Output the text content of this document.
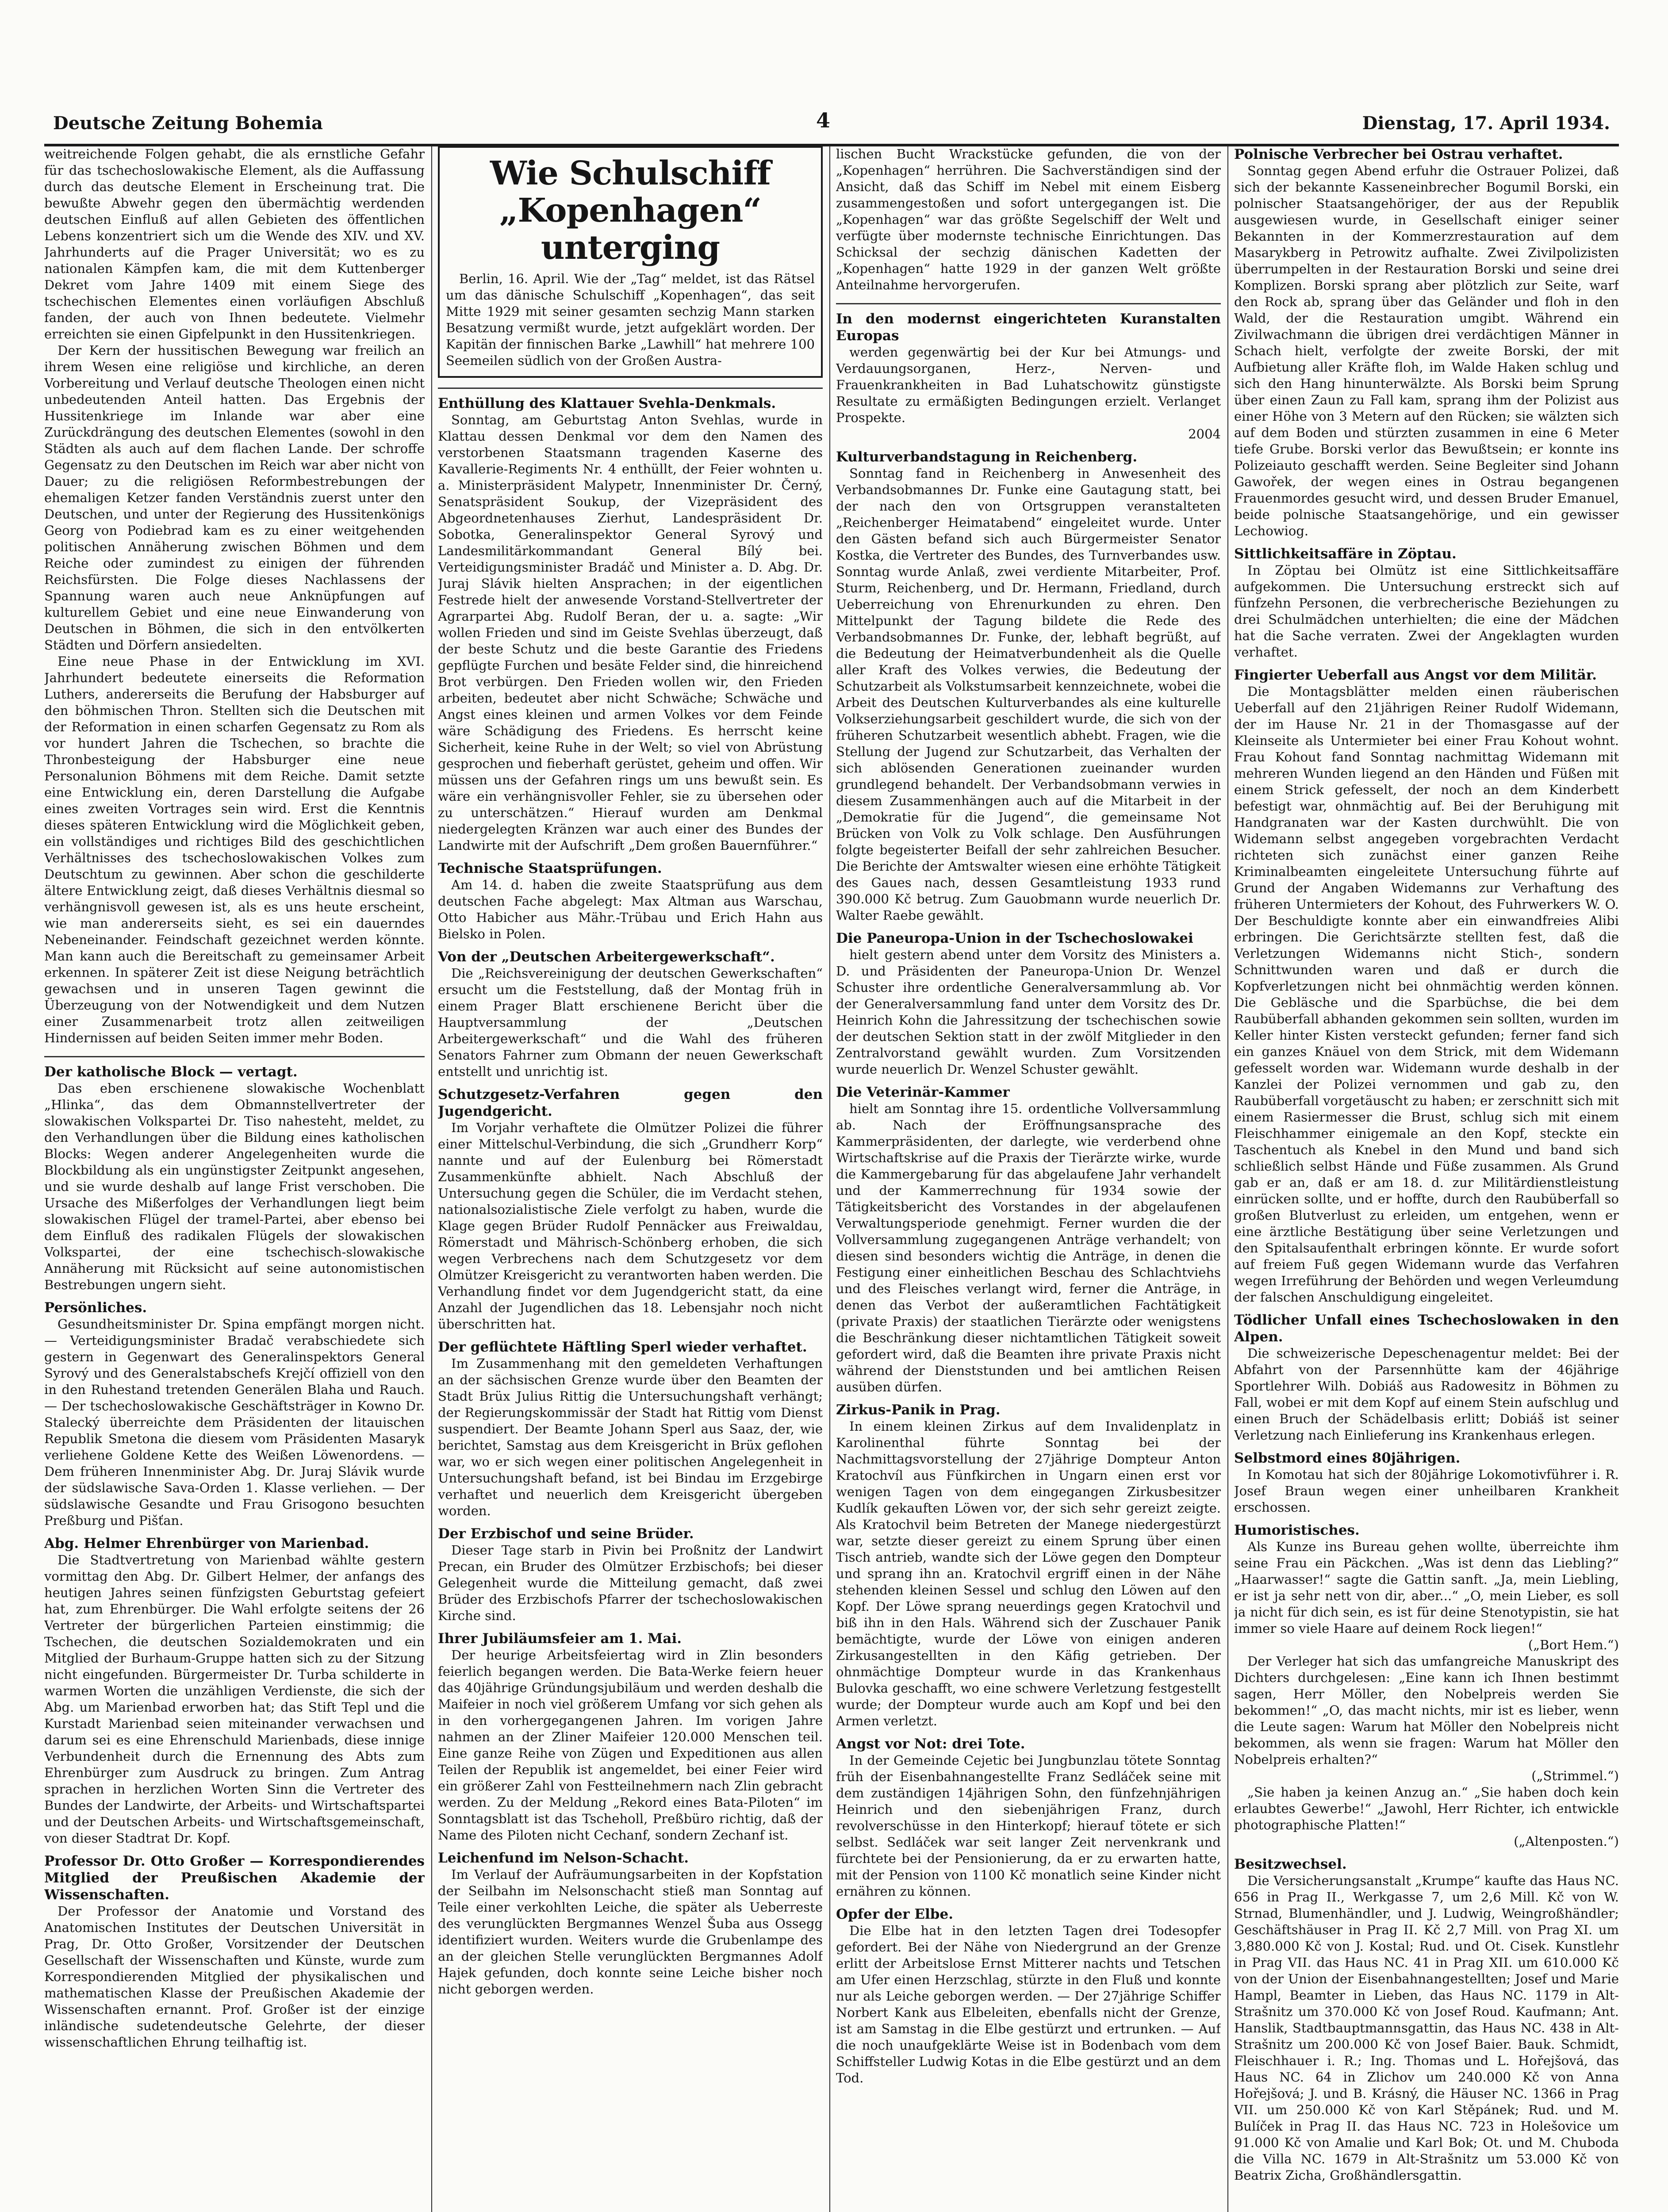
Deutsche Zeitung Bohemia	4	Dienstag, 17. April 1934.

weitreichende Folgen gehabt, die als ernstliche Gefahr für das tschechoslowakische Element, als die Auffassung durch das deutsche Element in Erscheinung trat. Die bewußte Abwehr gegen den übermächtig werdenden deutschen Einfluß auf allen Gebieten des öffentlichen Lebens konzentriert sich um die Wende des XIV. und XV. Jahrhunderts auf die Prager Universität; wo es zu nationalen Kämpfen kam, die mit dem Kuttenberger Dekret vom Jahre 1409 mit einem Siege des tschechischen Elementes einen vorläufigen Abschluß fanden, der auch von Ihnen bedeutete. Vielmehr erreichten sie einen Gipfelpunkt in den Hussitenkriegen.

Der Kern der hussitischen Bewegung war freilich an ihrem Wesen eine religiöse und kirchliche, an deren Vorbereitung und Verlauf deutsche Theologen einen nicht unbedeutenden Anteil hatten. Das Ergebnis der Hussitenkriege im Inlande war aber eine Zurückdrängung des deutschen Elementes (sowohl in den Städten als auch auf dem flachen Lande. Der schroffe Gegensatz zu den Deutschen im Reich war aber nicht von Dauer; zu die religiösen Reformbestrebungen der ehemaligen Ketzer fanden Verständnis zuerst unter den Deutschen, und unter der Regierung des Hussitenkönigs Georg von Podiebrad kam es zu einer weitgehenden politischen Annäherung zwischen Böhmen und dem Reiche oder zumindest zu einigen der führenden Reichsfürsten. Die Folge dieses Nachlassens der Spannung waren auch neue Anknüpfungen auf kulturellem Gebiet und eine neue Einwanderung von Deutschen in Böhmen, die sich in den entvölkerten Städten und Dörfern ansiedelten.

Eine neue Phase in der Entwicklung im XVI. Jahrhundert bedeutete einerseits die Reformation Luthers, andererseits die Berufung der Habsburger auf den böhmischen Thron. Stellten sich die Deutschen mit der Reformation in einen scharfen Gegensatz zu Rom als vor hundert Jahren die Tschechen, so brachte die Thronbesteigung der Habsburger eine neue Personalunion Böhmens mit dem Reiche. Damit setzte eine Entwicklung ein, deren Darstellung die Aufgabe eines zweiten Vortrages sein wird. Erst die Kenntnis dieses späteren Entwicklung wird die Möglichkeit geben, ein vollständiges und richtiges Bild des geschichtlichen Verhältnisses des tschechoslowakischen Volkes zum Deutschtum zu gewinnen. Aber schon die geschilderte ältere Entwicklung zeigt, daß dieses Verhältnis diesmal so verhängnisvoll gewesen ist, als es uns heute erscheint, wie man andererseits sieht, es sei ein dauerndes Nebeneinander. Feindschaft gezeichnet werden könnte. Man kann auch die Bereitschaft zu gemeinsamer Arbeit erkennen. In späterer Zeit ist diese Neigung beträchtlich gewachsen und in unseren Tagen gewinnt die Überzeugung von der Notwendigkeit und dem Nutzen einer Zusammenarbeit trotz allen zeitweiligen Hindernissen auf beiden Seiten immer mehr Boden.

Der katholische Block — vertagt.

Das eben erschienene slowakische Wochenblatt „Hlinka“, das dem Obmannstellvertreter der slowakischen Volkspartei Dr. Tiso nahesteht, meldet, zu den Verhandlungen über die Bildung eines katholischen Blocks: Wegen anderer Angelegenheiten wurde die Blockbildung als ein ungünstigster Zeitpunkt angesehen, und sie wurde deshalb auf lange Frist verschoben. Die Ursache des Mißerfolges der Verhandlungen liegt beim slowakischen Flügel der tramel-Partei, aber ebenso bei dem Einfluß des radikalen Flügels der slowakischen Volkspartei, der eine tschechisch-slowakische Annäherung mit Rücksicht auf seine autonomistischen Bestrebungen ungern sieht.

Persönliches.

Gesundheitsminister Dr. Spina empfängt morgen nicht. — Verteidigungsminister Bradač verabschiedete sich gestern in Gegenwart des Generalinspektors General Syrový und des Generalstabschefs Krejčí offiziell von den in den Ruhestand tretenden Generälen Blaha und Rauch. — Der tschechoslowakische Geschäftsträger in Kowno Dr. Stalecký überreichte dem Präsidenten der litauischen Republik Smetona die diesem vom Präsidenten Masaryk verliehene Goldene Kette des Weißen Löwenordens. — Dem früheren Innenminister Abg. Dr. Juraj Slávik wurde der südslawische Sava-Orden 1. Klasse verliehen. — Der südslawische Gesandte und Frau Grisogono besuchten Preßburg und Pišťan.

Abg. Helmer Ehrenbürger von Marienbad.

Die Stadtvertretung von Marienbad wählte gestern vormittag den Abg. Dr. Gilbert Helmer, der anfangs des heutigen Jahres seinen fünfzigsten Geburtstag gefeiert hat, zum Ehrenbürger. Die Wahl erfolgte seitens der 26 Vertreter der bürgerlichen Parteien einstimmig; die Tschechen, die deutschen Sozialdemokraten und ein Mitglied der Burhaum-Gruppe hatten sich zu der Sitzung nicht eingefunden. Bürgermeister Dr. Turba schilderte in warmen Worten die unzähligen Verdienste, die sich der Abg. um Marienbad erworben hat; das Stift Tepl und die Kurstadt Marienbad seien miteinander verwachsen und darum sei es eine Ehrenschuld Marienbads, diese innige Verbundenheit durch die Ernennung des Abts zum Ehrenbürger zum Ausdruck zu bringen. Zum Antrag sprachen in herzlichen Worten Sinn die Vertreter des Bundes der Landwirte, der Arbeits- und Wirtschaftspartei und der Deutschen Arbeits- und Wirtschaftsgemeinschaft, von dieser Stadtrat Dr. Kopf.

Professor Dr. Otto Großer — Korrespondierendes Mitglied der Preußischen Akademie der Wissenschaften.

Der Professor der Anatomie und Vorstand des Anatomischen Institutes der Deutschen Universität in Prag, Dr. Otto Großer, Vorsitzender der Deutschen Gesellschaft der Wissenschaften und Künste, wurde zum Korrespondierenden Mitglied der physikalischen und mathematischen Klasse der Preußischen Akademie der Wissenschaften ernannt. Prof. Großer ist der einzige inländische sudetendeutsche Gelehrte, der dieser wissenschaftlichen Ehrung teilhaftig ist.

Wie Schulschiff „Kopenhagen“ unterging

Berlin, 16. April. Wie der „Tag“ meldet, ist das Rätsel um das dänische Schulschiff „Kopenhagen“, das seit Mitte 1929 mit seiner gesamten sechzig Mann starken Besatzung vermißt wurde, jetzt aufgeklärt worden. Der Kapitän der finnischen Barke „Lawhill“ hat mehrere 100 Seemeilen südlich von der Großen Austra-

Enthüllung des Klattauer Svehla-Denkmals.

Sonntag, am Geburtstag Anton Svehlas, wurde in Klattau dessen Denkmal vor dem den Namen des verstorbenen Staatsmann tragenden Kaserne des Kavallerie-Regiments Nr. 4 enthüllt, der Feier wohnten u. a. Ministerpräsident Malypetr, Innenminister Dr. Černý, Senatspräsident Soukup, der Vizepräsident des Abgeordnetenhauses Zierhut, Landespräsident Dr. Sobotka, Generalinspektor General Syrový und Landesmilitärkommandant General Bílý bei. Verteidigungsminister Bradáč und Minister a. D. Abg. Dr. Juraj Slávik hielten Ansprachen; in der eigentlichen Festrede hielt der anwesende Vorstand-Stellvertreter der Agrarpartei Abg. Rudolf Beran, der u. a. sagte: „Wir wollen Frieden und sind im Geiste Svehlas überzeugt, daß der beste Schutz und die beste Garantie des Friedens gepflügte Furchen und besäte Felder sind, die hinreichend Brot verbürgen. Den Frieden wollen wir, den Frieden arbeiten, bedeutet aber nicht Schwäche; Schwäche und Angst eines kleinen und armen Volkes vor dem Feinde wäre Schädigung des Friedens. Es herrscht keine Sicherheit, keine Ruhe in der Welt; so viel von Abrüstung gesprochen und fieberhaft gerüstet, geheim und offen. Wir müssen uns der Gefahren rings um uns bewußt sein. Es wäre ein verhängnisvoller Fehler, sie zu übersehen oder zu unterschätzen.“ Hierauf wurden am Denkmal niedergelegten Kränzen war auch einer des Bundes der Landwirte mit der Aufschrift „Dem großen Bauernführer.“

Technische Staatsprüfungen.

Am 14. d. haben die zweite Staatsprüfung aus dem deutschen Fache abgelegt: Max Altman aus Warschau, Otto Habicher aus Mähr.-Trübau und Erich Hahn aus Bielsko in Polen.

Von der „Deutschen Arbeitergewerkschaft“.

Die „Reichsvereinigung der deutschen Gewerkschaften“ ersucht um die Feststellung, daß der Montag früh in einem Prager Blatt erschienene Bericht über die Hauptversammlung der „Deutschen Arbeitergewerkschaft“ und die Wahl des früheren Senators Fahrner zum Obmann der neuen Gewerkschaft entstellt und unrichtig ist.

Schutzgesetz-Verfahren gegen den Jugendgericht.

Im Vorjahr verhaftete die Olmützer Polizei die führer einer Mittelschul-Verbindung, die sich „Grundherr Korp“ nannte und auf der Eulenburg bei Römerstadt Zusammenkünfte abhielt. Nach Abschluß der Untersuchung gegen die Schüler, die im Verdacht stehen, nationalsozialistische Ziele verfolgt zu haben, wurde die Klage gegen Brüder Rudolf Pennäcker aus Freiwaldau, Römerstadt und Mährisch-Schönberg erhoben, die sich wegen Verbrechens nach dem Schutzgesetz vor dem Olmützer Kreisgericht zu verantworten haben werden. Die Verhandlung findet vor dem Jugendgericht statt, da eine Anzahl der Jugendlichen das 18. Lebensjahr noch nicht überschritten hat.

Der geflüchtete Häftling Sperl wieder verhaftet.

Im Zusammenhang mit den gemeldeten Verhaftungen an der sächsischen Grenze wurde über den Beamten der Stadt Brüx Julius Rittig die Untersuchungshaft verhängt; der Regierungskommissär der Stadt hat Rittig vom Dienst suspendiert. Der Beamte Johann Sperl aus Saaz, der, wie berichtet, Samstag aus dem Kreisgericht in Brüx geflohen war, wo er sich wegen einer politischen Angelegenheit in Untersuchungshaft befand, ist bei Bindau im Erzgebirge verhaftet und neuerlich dem Kreisgericht übergeben worden.

Der Erzbischof und seine Brüder.

Dieser Tage starb in Pivin bei Proßnitz der Landwirt Precan, ein Bruder des Olmützer Erzbischofs; bei dieser Gelegenheit wurde die Mitteilung gemacht, daß zwei Brüder des Erzbischofs Pfarrer der tschechoslowakischen Kirche sind.

Ihrer Jubiläumsfeier am 1. Mai.

Der heurige Arbeitsfeiertag wird in Zlin besonders feierlich begangen werden. Die Bata-Werke feiern heuer das 40jährige Gründungsjubiläum und werden deshalb die Maifeier in noch viel größerem Umfang vor sich gehen als in den vorhergegangenen Jahren. Im vorigen Jahre nahmen an der Zliner Maifeier 120.000 Menschen teil. Eine ganze Reihe von Zügen und Expeditionen aus allen Teilen der Republik ist angemeldet, bei einer Feier wird ein größerer Zahl von Festteilnehmern nach Zlin gebracht werden. Zu der Meldung „Rekord eines Bata-Piloten“ im Sonntagsblatt ist das Tscheholl, Preßbüro richtig, daß der Name des Piloten nicht Cechanf, sondern Zechanf ist.

Leichenfund im Nelson-Schacht.

Im Verlauf der Aufräumungsarbeiten in der Kopfstation der Seilbahn im Nelsonschacht stieß man Sonntag auf Teile einer verkohlten Leiche, die später als Ueberreste des verunglückten Bergmannes Wenzel Šuba aus Ossegg identifiziert wurden. Weiters wurde die Grubenlampe des an der gleichen Stelle verunglückten Bergmannes Adolf Hajek gefunden, doch konnte seine Leiche bisher noch nicht geborgen werden.

lischen Bucht Wrackstücke gefunden, die von der „Kopenhagen“ herrühren. Die Sachverständigen sind der Ansicht, daß das Schiff im Nebel mit einem Eisberg zusammengestoßen und sofort untergegangen ist. Die „Kopenhagen“ war das größte Segelschiff der Welt und verfügte über modernste technische Einrichtungen. Das Schicksal der sechzig dänischen Kadetten der „Kopenhagen“ hatte 1929 in der ganzen Welt größte Anteilnahme hervorgerufen.

In den modernst eingerichteten Kuranstalten Europas

werden gegenwärtig bei der Kur bei Atmungs- und Verdauungsorganen, Herz-, Nerven- und Frauenkrankheiten in Bad Luhatschowitz günstigste Resultate zu ermäßigten Bedingungen erzielt. Verlanget Prospekte.

2004
Kulturverbandstagung in Reichenberg.

Sonntag fand in Reichenberg in Anwesenheit des Verbandsobmannes Dr. Funke eine Gautagung statt, bei der nach den von Ortsgruppen veranstalteten „Reichenberger Heimatabend“ eingeleitet wurde. Unter den Gästen befand sich auch Bürgermeister Senator Kostka, die Vertreter des Bundes, des Turnverbandes usw. Sonntag wurde Anlaß, zwei verdiente Mitarbeiter, Prof. Sturm, Reichenberg, und Dr. Hermann, Friedland, durch Ueberreichung von Ehrenurkunden zu ehren. Den Mittelpunkt der Tagung bildete die Rede des Verbandsobmannes Dr. Funke, der, lebhaft begrüßt, auf die Bedeutung der Heimatverbundenheit als die Quelle aller Kraft des Volkes verwies, die Bedeutung der Schutzarbeit als Volkstumsarbeit kennzeichnete, wobei die Arbeit des Deutschen Kulturverbandes als eine kulturelle Volkserziehungsarbeit geschildert wurde, die sich von der früheren Schutzarbeit wesentlich abhebt. Fragen, wie die Stellung der Jugend zur Schutzarbeit, das Verhalten der sich ablösenden Generationen zueinander wurden grundlegend behandelt. Der Verbandsobmann verwies in diesem Zusammenhängen auch auf die Mitarbeit in der „Demokratie für die Jugend“, die gemeinsame Not Brücken von Volk zu Volk schlage. Den Ausführungen folgte begeisterter Beifall der sehr zahlreichen Besucher. Die Berichte der Amtswalter wiesen eine erhöhte Tätigkeit des Gaues nach, dessen Gesamtleistung 1933 rund 390.000 Kč betrug. Zum Gauobmann wurde neuerlich Dr. Walter Raebe gewählt.

Die Paneuropa-Union in der Tschechoslowakei

hielt gestern abend unter dem Vorsitz des Ministers a. D. und Präsidenten der Paneuropa-Union Dr. Wenzel Schuster ihre ordentliche Generalversammlung ab. Vor der Generalversammlung fand unter dem Vorsitz des Dr. Heinrich Kohn die Jahressitzung der tschechischen sowie der deutschen Sektion statt in der zwölf Mitglieder in den Zentralvorstand gewählt wurden. Zum Vorsitzenden wurde neuerlich Dr. Wenzel Schuster gewählt.

Die Veterinär-Kammer

hielt am Sonntag ihre 15. ordentliche Vollversammlung ab. Nach der Eröffnungsansprache des Kammerpräsidenten, der darlegte, wie verderbend ohne Wirtschaftskrise auf die Praxis der Tierärzte wirke, wurde die Kammergebarung für das abgelaufene Jahr verhandelt und der Kammerrechnung für 1934 sowie der Tätigkeitsbericht des Vorstandes in der abgelaufenen Verwaltungsperiode genehmigt. Ferner wurden die der Vollversammlung zugegangenen Anträge verhandelt; von diesen sind besonders wichtig die Anträge, in denen die Festigung einer einheitlichen Beschau des Schlachtviehs und des Fleisches verlangt wird, ferner die Anträge, in denen das Verbot der außeramtlichen Fachtätigkeit (private Praxis) der staatlichen Tierärzte oder wenigstens die Beschränkung dieser nichtamtlichen Tätigkeit soweit gefordert wird, daß die Beamten ihre private Praxis nicht während der Dienststunden und bei amtlichen Reisen ausüben dürfen.

Zirkus-Panik in Prag.

In einem kleinen Zirkus auf dem Invalidenplatz in Karolinenthal führte Sonntag bei der Nachmittagsvorstellung der 27jährige Dompteur Anton Kratochvíl aus Fünfkirchen in Ungarn einen erst vor wenigen Tagen von dem eingegangen Zirkusbesitzer Kudlík gekauften Löwen vor, der sich sehr gereizt zeigte. Als Kratochvil beim Betreten der Manege niedergestürzt war, setzte dieser gereizt zu einem Sprung über einen Tisch antrieb, wandte sich der Löwe gegen den Dompteur und sprang ihn an. Kratochvil ergriff einen in der Nähe stehenden kleinen Sessel und schlug den Löwen auf den Kopf. Der Löwe sprang neuerdings gegen Kratochvil und biß ihn in den Hals. Während sich der Zuschauer Panik bemächtigte, wurde der Löwe von einigen anderen Zirkusangestellten in den Käfig getrieben. Der ohnmächtige Dompteur wurde in das Krankenhaus Bulovka geschafft, wo eine schwere Verletzung festgestellt wurde; der Dompteur wurde auch am Kopf und bei den Armen verletzt.

Angst vor Not: drei Tote.

In der Gemeinde Cejetic bei Jungbunzlau tötete Sonntag früh der Eisenbahnangestellte Franz Sedláček seine mit dem zuständigen 14jährigen Sohn, den fünfzehnjährigen Heinrich und den siebenjährigen Franz, durch revolverschüsse in den Hinterkopf; hierauf tötete er sich selbst. Sedláček war seit langer Zeit nervenkrank und fürchtete bei der Pensionierung, da er zu erwarten hatte, mit der Pension von 1100 Kč monatlich seine Kinder nicht ernähren zu können.

Opfer der Elbe.

Die Elbe hat in den letzten Tagen drei Todesopfer gefordert. Bei der Nähe von Niedergrund an der Grenze erlitt der Arbeitslose Ernst Mitterer nachts und Tetschen am Ufer einen Herzschlag, stürzte in den Fluß und konnte nur als Leiche geborgen werden. — Der 27jährige Schiffer Norbert Kank aus Elbeleiten, ebenfalls nicht der Grenze, ist am Samstag in die Elbe gestürzt und ertrunken. — Auf die noch unaufgeklärte Weise ist in Bodenbach vom dem Schiffsteller Ludwig Kotas in die Elbe gestürzt und an dem Tod.

Polnische Verbrecher bei Ostrau verhaftet.

Sonntag gegen Abend erfuhr die Ostrauer Polizei, daß sich der bekannte Kasseneinbrecher Bogumil Borski, ein polnischer Staatsangehöriger, der aus der Republik ausgewiesen wurde, in Gesellschaft einiger seiner Bekannten in der Kommerzrestauration auf dem Masarykberg in Petrowitz aufhalte. Zwei Zivilpolizisten überrumpelten in der Restauration Borski und seine drei Komplizen. Borski sprang aber plötzlich zur Seite, warf den Rock ab, sprang über das Geländer und floh in den Wald, der die Restauration umgibt. Während ein Zivilwachmann die übrigen drei verdächtigen Männer in Schach hielt, verfolgte der zweite Borski, der mit Aufbietung aller Kräfte floh, im Walde Haken schlug und sich den Hang hinunterwälzte. Als Borski beim Sprung über einen Zaun zu Fall kam, sprang ihm der Polizist aus einer Höhe von 3 Metern auf den Rücken; sie wälzten sich auf dem Boden und stürzten zusammen in eine 6 Meter tiefe Grube. Borski verlor das Bewußtsein; er konnte ins Polizeiauto geschafft werden. Seine Begleiter sind Johann Gawořek, der wegen eines in Ostrau begangenen Frauenmordes gesucht wird, und dessen Bruder Emanuel, beide polnische Staatsangehörige, und ein gewisser Lechowiog.

Sittlichkeitsaffäre in Zöptau.

In Zöptau bei Olmütz ist eine Sittlichkeitsaffäre aufgekommen. Die Untersuchung erstreckt sich auf fünfzehn Personen, die verbrecherische Beziehungen zu drei Schulmädchen unterhielten; die eine der Mädchen hat die Sache verraten. Zwei der Angeklagten wurden verhaftet.

Fingierter Ueberfall aus Angst vor dem Militär.

Die Montagsblätter melden einen räuberischen Ueberfall auf den 21jährigen Reiner Rudolf Widemann, der im Hause Nr. 21 in der Thomasgasse auf der Kleinseite als Untermieter bei einer Frau Kohout wohnt. Frau Kohout fand Sonntag nachmittag Widemann mit mehreren Wunden liegend an den Händen und Füßen mit einem Strick gefesselt, der noch an dem Kinderbett befestigt war, ohnmächtig auf. Bei der Beruhigung mit Handgranaten war der Kasten durchwühlt. Die von Widemann selbst angegeben vorgebrachten Verdacht richteten sich zunächst einer ganzen Reihe Kriminalbeamten eingeleitete Untersuchung führte auf Grund der Angaben Widemanns zur Verhaftung des früheren Untermieters der Kohout, des Fuhrwerkers W. O. Der Beschuldigte konnte aber ein einwandfreies Alibi erbringen. Die Gerichtsärzte stellten fest, daß die Verletzungen Widemanns nicht Stich-, sondern Schnittwunden waren und daß er durch die Kopfverletzungen nicht bei ohnmächtig werden können. Die Gebläsche und die Sparbüchse, die bei dem Raubüberfall abhanden gekommen sein sollten, wurden im Keller hinter Kisten versteckt gefunden; ferner fand sich ein ganzes Knäuel von dem Strick, mit dem Widemann gefesselt worden war. Widemann wurde deshalb in der Kanzlei der Polizei vernommen und gab zu, den Raubüberfall vorgetäuscht zu haben; er zerschnitt sich mit einem Rasiermesser die Brust, schlug sich mit einem Fleischhammer einigemale an den Kopf, steckte ein Taschentuch als Knebel in den Mund und band sich schließlich selbst Hände und Füße zusammen. Als Grund gab er an, daß er am 18. d. zur Militärdienstleistung einrücken sollte, und er hoffte, durch den Raubüberfall so großen Blutverlust zu erleiden, um entgehen, wenn er eine ärztliche Bestätigung über seine Verletzungen und den Spitalsaufenthalt erbringen könnte. Er wurde sofort auf freiem Fuß gegen Widemann wurde das Verfahren wegen Irreführung der Behörden und wegen Verleumdung der falschen Anschuldigung eingeleitet.

Tödlicher Unfall eines Tschechoslowaken in den Alpen.

Die schweizerische Depeschenagentur meldet: Bei der Abfahrt von der Parsennhütte kam der 46jährige Sportlehrer Wilh. Dobiáš aus Radowesitz in Böhmen zu Fall, wobei er mit dem Kopf auf einem Stein aufschlug und einen Bruch der Schädelbasis erlitt; Dobiáš ist seiner Verletzung nach Einlieferung ins Krankenhaus erlegen.

Selbstmord eines 80jährigen.

In Komotau hat sich der 80jährige Lokomotivführer i. R. Josef Braun wegen einer unheilbaren Krankheit erschossen.

Humoristisches.

Als Kunze ins Bureau gehen wollte, überreichte ihm seine Frau ein Päckchen. „Was ist denn das Liebling?“ „Haarwasser!“ sagte die Gattin sanft. „Ja, mein Liebling, er ist ja sehr nett von dir, aber...“ „O, mein Lieber, es soll ja nicht für dich sein, es ist für deine Stenotypistin, sie hat immer so viele Haare auf deinem Rock liegen!“

(„Bort Hem.“)

Der Verleger hat sich das umfangreiche Manuskript des Dichters durchgelesen: „Eine kann ich Ihnen bestimmt sagen, Herr Möller, den Nobelpreis werden Sie bekommen!“ „O, das macht nichts, mir ist es lieber, wenn die Leute sagen: Warum hat Möller den Nobelpreis nicht bekommen, als wenn sie fragen: Warum hat Möller den Nobelpreis erhalten?“

(„Strimmel.“)

„Sie haben ja keinen Anzug an.“ „Sie haben doch kein erlaubtes Gewerbe!“ „Jawohl, Herr Richter, ich entwickle photographische Platten!“

(„Altenposten.“)
Besitzwechsel.

Die Versicherungsanstalt „Krumpe“ kaufte das Haus NC. 656 in Prag II., Werkgasse 7, um 2,6 Mill. Kč von W. Strnad, Blumenhändler, und J. Ludwig, Weingroßhändler; Geschäftshäuser in Prag II. Kč 2,7 Mill. von Prag XI. um 3,880.000 Kč von J. Kostal; Rud. und Ot. Cisek. Kunstlehr in Prag VII. das Haus NC. 41 in Prag XII. um 610.000 Kč von der Union der Eisenbahnangestellten; Josef und Marie Hampl, Beamter in Lieben, das Haus NC. 1179 in Alt-Strašnitz um 370.000 Kč von Josef Roud. Kaufmann; Ant. Hanslik, Stadtbauptmannsgattin, das Haus NC. 438 in Alt-Strašnitz um 200.000 Kč von Josef Baier. Bauk. Schmidt, Fleischhauer i. R.; Ing. Thomas und L. Hořejšová, das Haus NC. 64 in Zlichov um 240.000 Kč von Anna Hořejšová; J. und B. Krásný, die Häuser NC. 1366 in Prag VII. um 250.000 Kč von Karl Stěpánek; Rud. und M. Bulíček in Prag II. das Haus NC. 723 in Holešovice um 91.000 Kč von Amalie und Karl Bok; Ot. und M. Chuboda die Villa NC. 1679 in Alt-Strašnitz um 53.000 Kč von Beatrix Zicha, Großhändlersgattin.
